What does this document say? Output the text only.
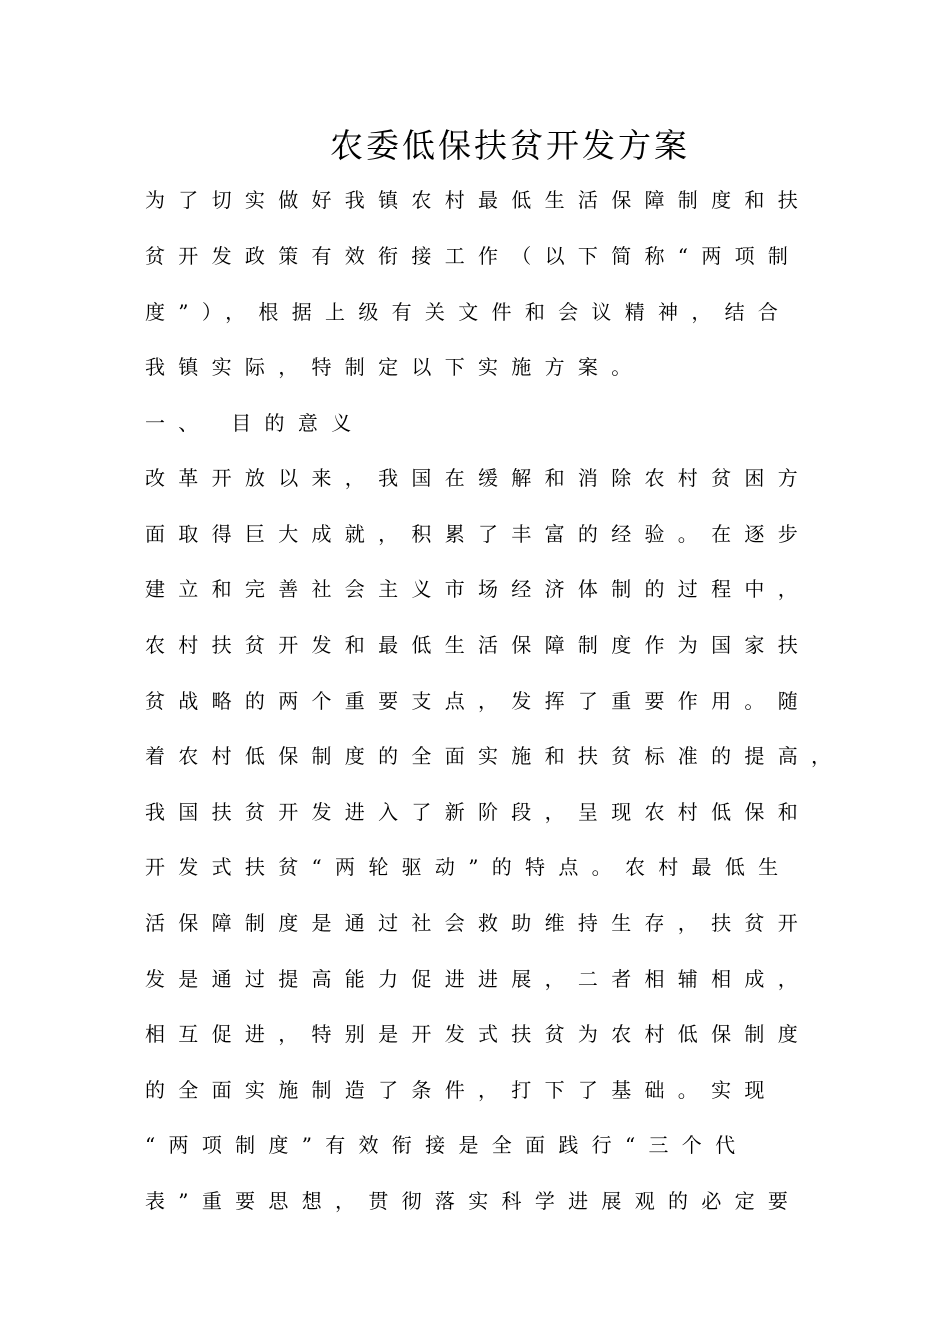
农委低保扶贫开发方案
为了切实做好我镇农村最低生活保障制度和扶
贫开发政策有效衔接工作（以下简称“两项制
度”），根据上级有关文件和会议精神，结合
我镇实际，特制定以下实施方案。
一、 目的意义
改革开放以来，我国在缓解和消除农村贫困方
面取得巨大成就，积累了丰富的经验。在逐步
建立和完善社会主义市场经济体制的过程中，
农村扶贫开发和最低生活保障制度作为国家扶
贫战略的两个重要支点，发挥了重要作用。随
着农村低保制度的全面实施和扶贫标准的提高，
我国扶贫开发进入了新阶段，呈现农村低保和
开发式扶贫“两轮驱动”的特点。农村最低生
活保障制度是通过社会救助维持生存，扶贫开
发是通过提高能力促进进展，二者相辅相成，
相互促进，特别是开发式扶贫为农村低保制度
的全面实施制造了条件，打下了基础。实现
“两项制度”有效衔接是全面践行“三个代
表”重要思想，贯彻落实科学进展观的必定要
